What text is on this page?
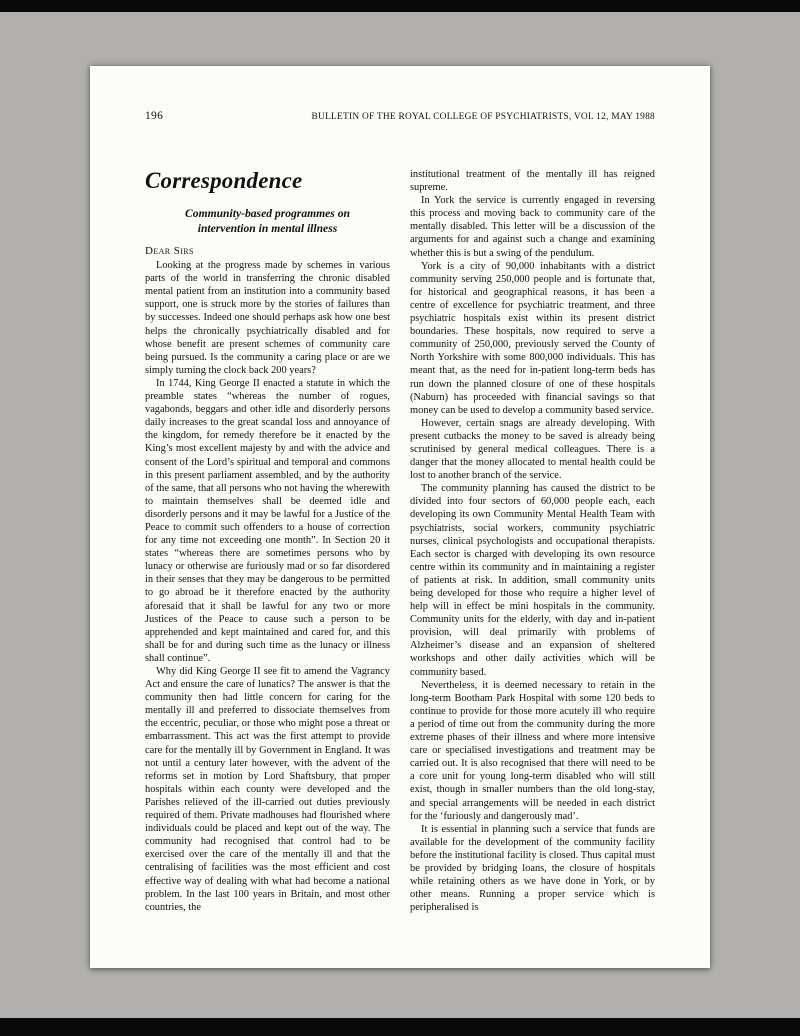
196	BULLETIN OF THE ROYAL COLLEGE OF PSYCHIATRISTS, VOL 12, MAY 1988
Correspondence
Community-based programmes on
intervention in mental illness
Dear Sirs

Looking at the progress made by schemes in various parts of the world in transferring the chronic disabled mental patient from an institution into a community based support, one is struck more by the stories of failures than by successes. Indeed one should perhaps ask how one best helps the chronically psychiatrically disabled and for whose benefit are present schemes of community care being pursued. Is the community a caring place or are we simply turning the clock back 200 years?

In 1744, King George II enacted a statute in which the preamble states “whereas the number of rogues, vagabonds, beggars and other idle and disorderly persons daily increases to the great scandal loss and annoyance of the kingdom, for remedy therefore be it enacted by the King’s most excellent majesty by and with the advice and consent of the Lord’s spiritual and temporal and commons in this present parliament assembled, and by the authority of the same, that all persons who not having the wherewith to maintain themselves shall be deemed idle and disorderly persons and it may be lawful for a Justice of the Peace to commit such offenders to a house of correction for any time not exceeding one month”. In Section 20 it states “whereas there are sometimes persons who by lunacy or otherwise are furiously mad or so far disordered in their senses that they may be dangerous to be permitted to go abroad be it therefore enacted by the authority aforesaid that it shall be lawful for any two or more Justices of the Peace to cause such a person to be apprehended and kept maintained and cared for, and this shall be for and during such time as the lunacy or illness shall continue”.

Why did King George II see fit to amend the Vagrancy Act and ensure the care of lunatics? The answer is that the community then had little concern for caring for the mentally ill and preferred to dissociate themselves from the eccentric, peculiar, or those who might pose a threat or embarrassment. This act was the first attempt to provide care for the mentally ill by Government in England. It was not until a century later however, with the advent of the reforms set in motion by Lord Shaftsbury, that proper hospitals within each county were developed and the Parishes relieved of the ill-carried out duties previously required of them. Private madhouses had flourished where individuals could be placed and kept out of the way. The community had recognised that control had to be exercised over the care of the mentally ill and that the centralising of facilities was the most efficient and cost effective way of dealing with what had become a national problem. In the last 100 years in Britain, and most other countries, the

institutional treatment of the mentally ill has reigned supreme.

In York the service is currently engaged in reversing this process and moving back to community care of the mentally disabled. This letter will be a discussion of the arguments for and against such a change and examining whether this is but a swing of the pendulum.

York is a city of 90,000 inhabitants with a district community serving 250,000 people and is fortunate that, for historical and geographical reasons, it has been a centre of excellence for psychiatric treatment, and three psychiatric hospitals exist within its present district boundaries. These hospitals, now required to serve a community of 250,000, previously served the County of North Yorkshire with some 800,000 individuals. This has meant that, as the need for in-patient long-term beds has run down the planned closure of one of these hospitals (Naburn) has proceeded with financial savings so that money can be used to develop a community based service.

However, certain snags are already developing. With present cutbacks the money to be saved is already being scrutinised by general medical colleagues. There is a danger that the money allocated to mental health could be lost to another branch of the service.

The community planning has caused the district to be divided into four sectors of 60,000 people each, each developing its own Community Mental Health Team with psychiatrists, social workers, community psychiatric nurses, clinical psychologists and occupational therapists. Each sector is charged with developing its own resource centre within its community and in maintaining a register of patients at risk. In addition, small community units being developed for those who require a higher level of help will in effect be mini hospitals in the community. Community units for the elderly, with day and in-patient provision, will deal primarily with problems of Alzheimer’s disease and an expansion of sheltered workshops and other daily activities which will be community based.

Nevertheless, it is deemed necessary to retain in the long-term Bootham Park Hospital with some 120 beds to continue to provide for those more acutely ill who require a period of time out from the community during the more extreme phases of their illness and where more intensive care or specialised investigations and treatment may be carried out. It is also recognised that there will need to be a core unit for young long-term disabled who will still exist, though in smaller numbers than the old long-stay, and special arrangements will be needed in each district for the ‘furiously and dangerously mad’.

It is essential in planning such a service that funds are available for the development of the community facility before the institutional facility is closed. Thus capital must be provided by bridging loans, the closure of hospitals while retaining others as we have done in York, or by other means. Running a proper service which is peripheralised is
